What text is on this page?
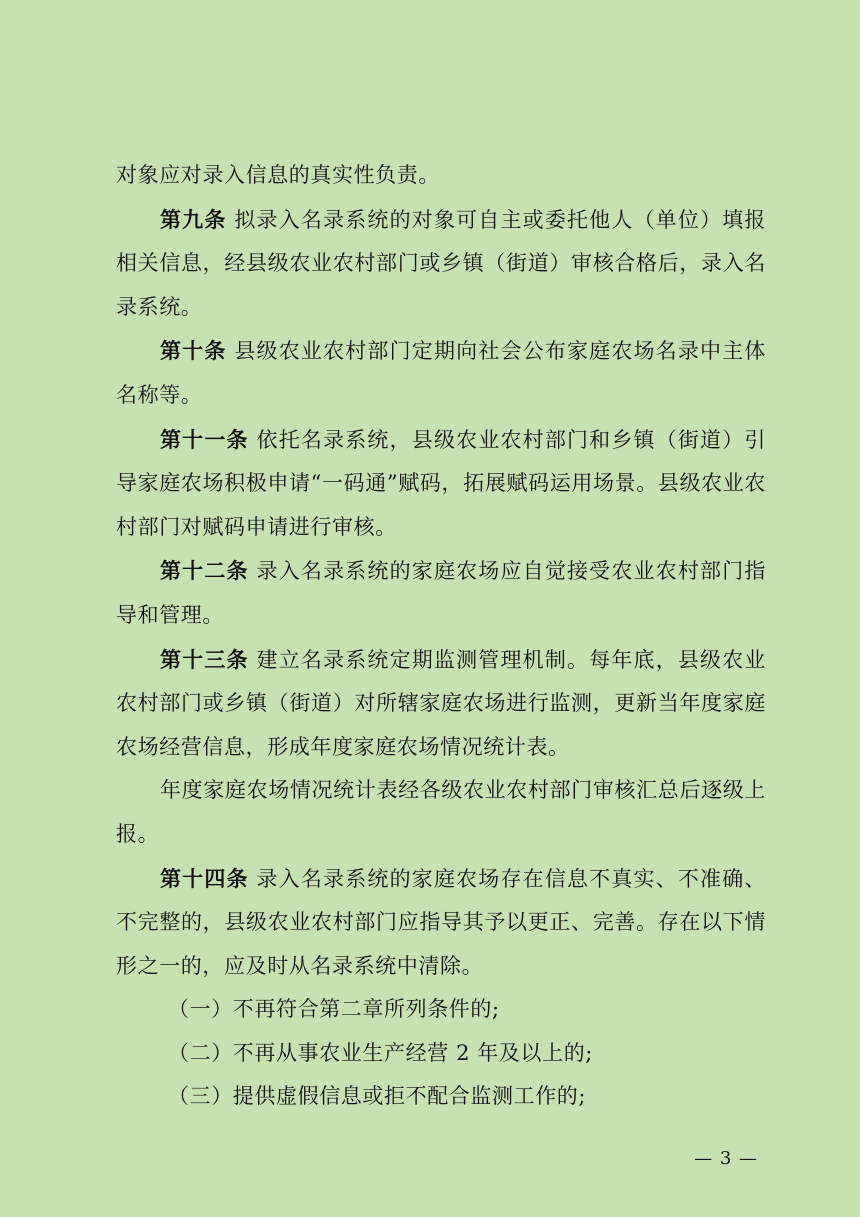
对象应对录入信息的真实性负责。

第九条 拟录入名录系统的对象可自主或委托他人（单位）填报相关信息，经县级农业农村部门或乡镇（街道）审核合格后，录入名录系统。

第十条 县级农业农村部门定期向社会公布家庭农场名录中主体名称等。

第十一条 依托名录系统，县级农业农村部门和乡镇（街道）引导家庭农场积极申请“一码通”赋码，拓展赋码运用场景。县级农业农村部门对赋码申请进行审核。

第十二条 录入名录系统的家庭农场应自觉接受农业农村部门指导和管理。

第十三条 建立名录系统定期监测管理机制。每年底，县级农业农村部门或乡镇（街道）对所辖家庭农场进行监测，更新当年度家庭农场经营信息，形成年度家庭农场情况统计表。

年度家庭农场情况统计表经各级农业农村部门审核汇总后逐级上报。

第十四条 录入名录系统的家庭农场存在信息不真实、不准确、不完整的，县级农业农村部门应指导其予以更正、完善。存在以下情形之一的，应及时从名录系统中清除。

（一）不再符合第二章所列条件的;

（二）不再从事农业生产经营 2 年及以上的;

（三）提供虚假信息或拒不配合监测工作的;

— 3 —
